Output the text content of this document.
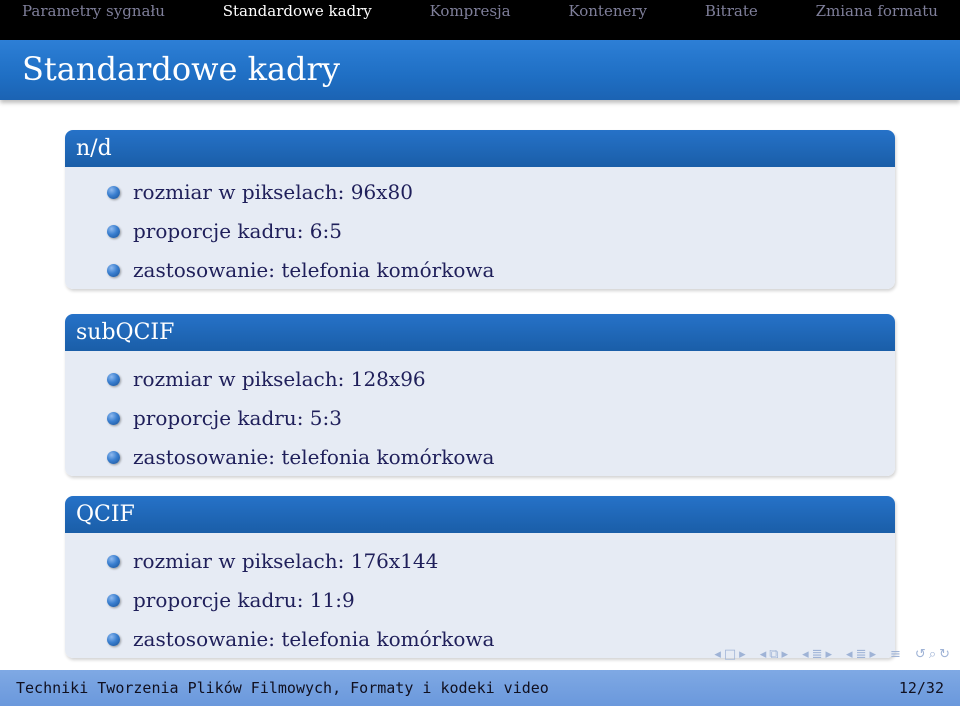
Parametry sygnału	Standardowe kadry	Kompresja	Kontenery	Bitrate	Zmiana formatu
Standardowe kadry
n/d
rozmiar w pikselach: 96x80
proporcje kadru: 6:5
zastosowanie: telefonia komórkowa
subQCIF
rozmiar w pikselach: 128x96
proporcje kadru: 5:3
zastosowanie: telefonia komórkowa
QCIF
rozmiar w pikselach: 176x144
proporcje kadru: 11:9
zastosowanie: telefonia komórkowa
◂ □ ▸ ◂ ⧉ ▸ ◂ ≣ ▸ ◂ ≣ ▸ ≡ ↺ ⌕ ↻
Techniki Tworzenia Plików Filmowych, Formaty i kodeki video	12/32
